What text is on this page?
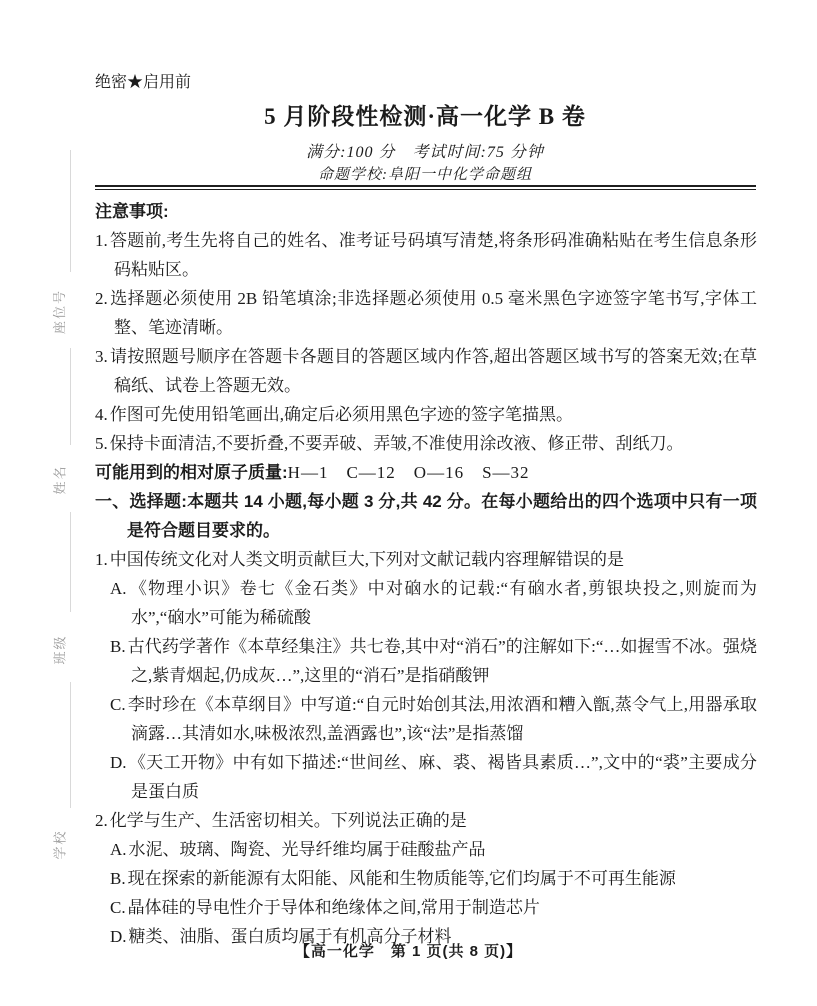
座位号
姓名
班级
学校
绝密★启用前
5 月阶段性检测·高一化学 B 卷
满分:100 分　考试时间:75 分钟
命题学校:阜阳一中化学命题组
注意事项:
1. 答题前,考生先将自己的姓名、准考证号码填写清楚,将条形码准确粘贴在考生信息条形码粘贴区。
2. 选择题必须使用 2B 铅笔填涂;非选择题必须使用 0.5 毫米黑色字迹签字笔书写,字体工整、笔迹清晰。
3. 请按照题号顺序在答题卡各题目的答题区域内作答,超出答题区域书写的答案无效;在草稿纸、试卷上答题无效。
4. 作图可先使用铅笔画出,确定后必须用黑色字迹的签字笔描黑。
5. 保持卡面清洁,不要折叠,不要弄破、弄皱,不准使用涂改液、修正带、刮纸刀。
可能用到的相对原子质量:H—1　C—12　O—16　S—32
一、选择题:本题共 14 小题,每小题 3 分,共 42 分。在每小题给出的四个选项中只有一项是符合题目要求的。
1. 中国传统文化对人类文明贡献巨大,下列对文献记载内容理解错误的是
A. 《物理小识》卷七《金石类》中对硇水的记载:“有硇水者,剪银块投之,则旋而为水”,“硇水”可能为稀硫酸
B. 古代药学著作《本草经集注》共七卷,其中对“消石”的注解如下:“…如握雪不冰。强烧之,紫青烟起,仍成灰…”,这里的“消石”是指硝酸钾
C. 李时珍在《本草纲目》中写道:“自元时始创其法,用浓酒和糟入甑,蒸令气上,用器承取滴露…其清如水,味极浓烈,盖酒露也”,该“法”是指蒸馏
D. 《天工开物》中有如下描述:“世间丝、麻、裘、褐皆具素质…”,文中的“裘”主要成分是蛋白质
2. 化学与生产、生活密切相关。下列说法正确的是
A. 水泥、玻璃、陶瓷、光导纤维均属于硅酸盐产品
B. 现在探索的新能源有太阳能、风能和生物质能等,它们均属于不可再生能源
C. 晶体硅的导电性介于导体和绝缘体之间,常用于制造芯片
D. 糖类、油脂、蛋白质均属于有机高分子材料
【高一化学　第 1 页(共 8 页)】
